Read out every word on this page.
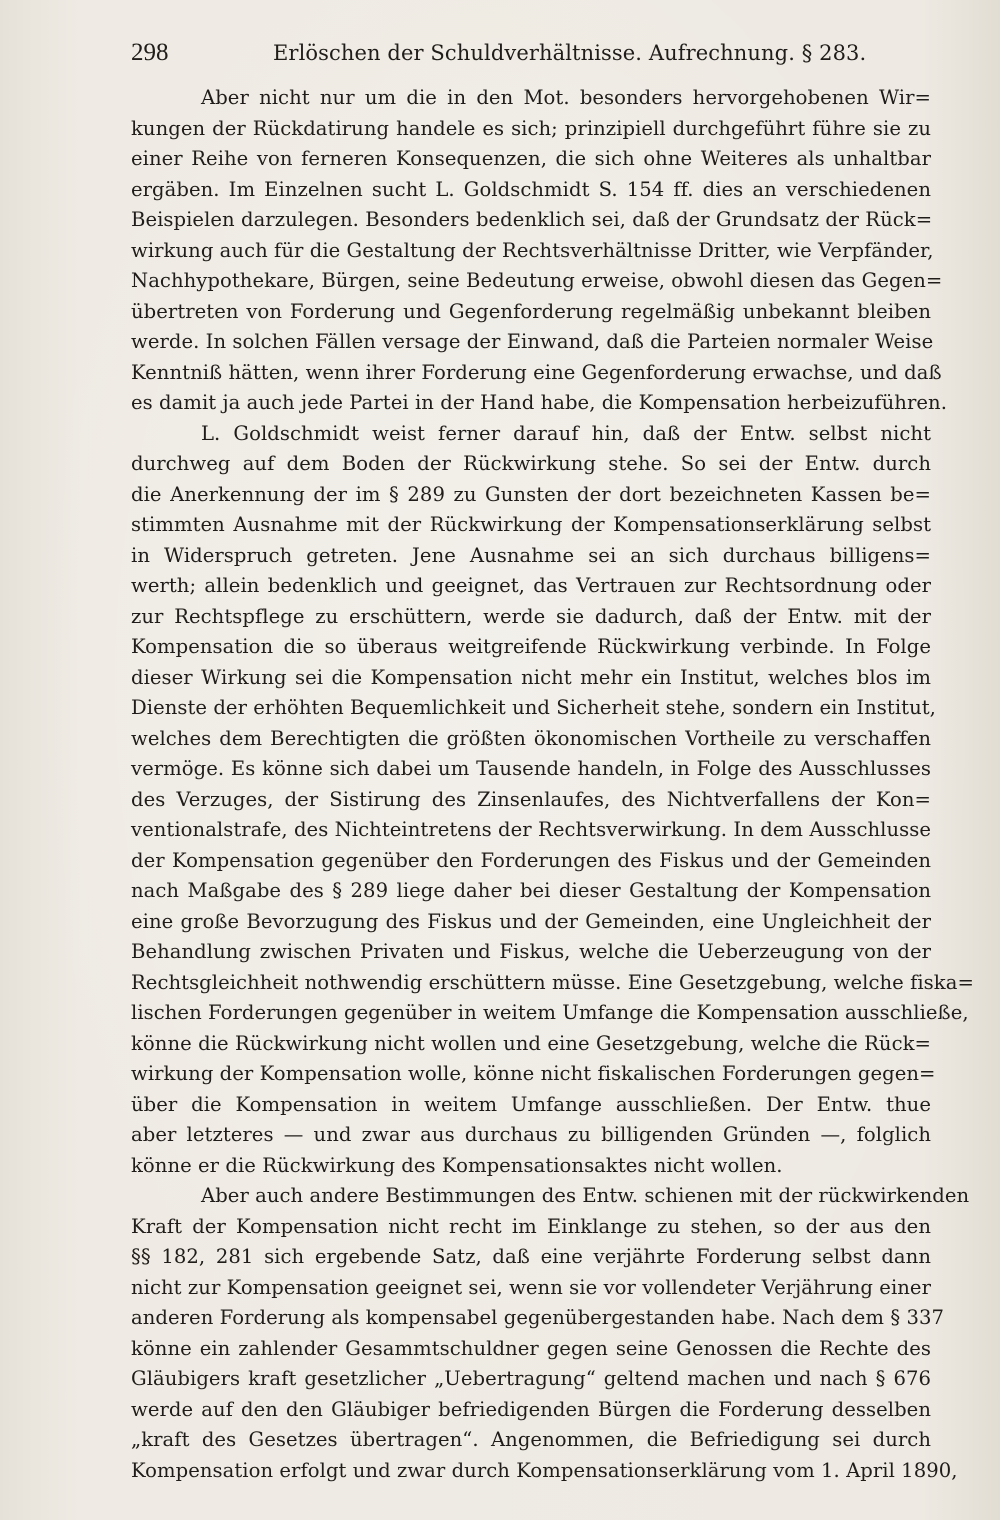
298	Erlöschen der Schuldverhältnisse. Aufrechnung. § 283.
Aber nicht nur um die in den Mot. besonders hervorgehobenen Wir=
kungen der Rückdatirung handele es sich; prinzipiell durchgeführt führe sie zu
einer Reihe von ferneren Konsequenzen, die sich ohne Weiteres als unhaltbar
ergäben. Im Einzelnen sucht L. Goldschmidt S. 154 ff. dies an verschiedenen
Beispielen darzulegen. Besonders bedenklich sei, daß der Grundsatz der Rück=
wirkung auch für die Gestaltung der Rechtsverhältnisse Dritter, wie Verpfänder,
Nachhypothekare, Bürgen, seine Bedeutung erweise, obwohl diesen das Gegen=
übertreten von Forderung und Gegenforderung regelmäßig unbekannt bleiben
werde. In solchen Fällen versage der Einwand, daß die Parteien normaler Weise
Kenntniß hätten, wenn ihrer Forderung eine Gegenforderung erwachse, und daß
es damit ja auch jede Partei in der Hand habe, die Kompensation herbeizuführen.
L. Goldschmidt weist ferner darauf hin, daß der Entw. selbst nicht
durchweg auf dem Boden der Rückwirkung stehe. So sei der Entw. durch
die Anerkennung der im § 289 zu Gunsten der dort bezeichneten Kassen be=
stimmten Ausnahme mit der Rückwirkung der Kompensationserklärung selbst
in Widerspruch getreten. Jene Ausnahme sei an sich durchaus billigens=
werth; allein bedenklich und geeignet, das Vertrauen zur Rechtsordnung oder
zur Rechtspflege zu erschüttern, werde sie dadurch, daß der Entw. mit der
Kompensation die so überaus weitgreifende Rückwirkung verbinde. In Folge
dieser Wirkung sei die Kompensation nicht mehr ein Institut, welches blos im
Dienste der erhöhten Bequemlichkeit und Sicherheit stehe, sondern ein Institut,
welches dem Berechtigten die größten ökonomischen Vortheile zu verschaffen
vermöge. Es könne sich dabei um Tausende handeln, in Folge des Ausschlusses
des Verzuges, der Sistirung des Zinsenlaufes, des Nichtverfallens der Kon=
ventionalstrafe, des Nichteintretens der Rechtsverwirkung. In dem Ausschlusse
der Kompensation gegenüber den Forderungen des Fiskus und der Gemeinden
nach Maßgabe des § 289 liege daher bei dieser Gestaltung der Kompensation
eine große Bevorzugung des Fiskus und der Gemeinden, eine Ungleichheit der
Behandlung zwischen Privaten und Fiskus, welche die Ueberzeugung von der
Rechtsgleichheit nothwendig erschüttern müsse. Eine Gesetzgebung, welche fiska=
lischen Forderungen gegenüber in weitem Umfange die Kompensation ausschließe,
könne die Rückwirkung nicht wollen und eine Gesetzgebung, welche die Rück=
wirkung der Kompensation wolle, könne nicht fiskalischen Forderungen gegen=
über die Kompensation in weitem Umfange ausschließen. Der Entw. thue
aber letzteres — und zwar aus durchaus zu billigenden Gründen —, folglich
könne er die Rückwirkung des Kompensationsaktes nicht wollen.
Aber auch andere Bestimmungen des Entw. schienen mit der rückwirkenden
Kraft der Kompensation nicht recht im Einklange zu stehen, so der aus den
§§ 182, 281 sich ergebende Satz, daß eine verjährte Forderung selbst dann
nicht zur Kompensation geeignet sei, wenn sie vor vollendeter Verjährung einer
anderen Forderung als kompensabel gegenübergestanden habe. Nach dem § 337
könne ein zahlender Gesammtschuldner gegen seine Genossen die Rechte des
Gläubigers kraft gesetzlicher „Uebertragung“ geltend machen und nach § 676
werde auf den den Gläubiger befriedigenden Bürgen die Forderung desselben
„kraft des Gesetzes übertragen“. Angenommen, die Befriedigung sei durch
Kompensation erfolgt und zwar durch Kompensationserklärung vom 1. April 1890,
